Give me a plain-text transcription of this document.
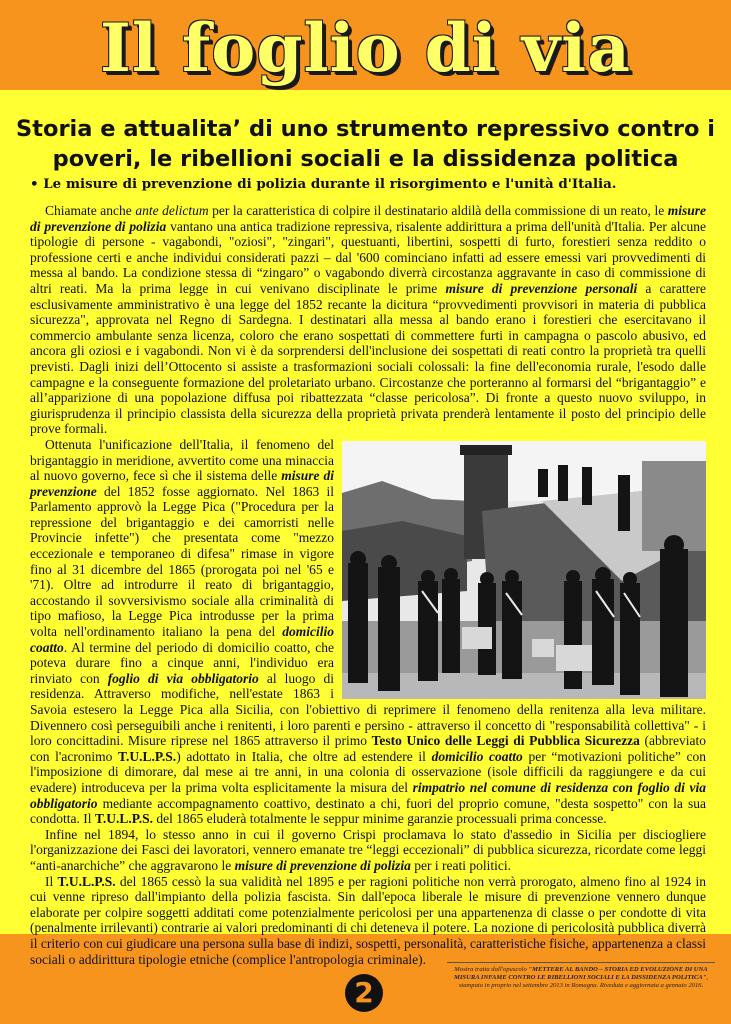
Il foglio di via
Storia e attualita’ di uno strumento repressivo contro i poveri, le ribellioni sociali e la dissidenza politica
• Le misure di prevenzione di polizia durante il risorgimento e l'unità d'Italia.

Chiamate anche ante delictum per la caratteristica di colpire il destinatario aldilà della commissione di un reato, le misure di prevenzione di polizia vantano una antica tradizione repressiva, risalente addirittura a prima dell'unità d'Italia. Per alcune tipologie di persone - vagabondi, "oziosi", "zingari", questuanti, libertini, sospetti di furto, forestieri senza reddito o professione certi e anche individui considerati pazzi – dal '600 cominciano infatti ad essere emessi vari provvedimenti di messa al bando. La condizione stessa di “zingaro” o vagabondo diverrà circostanza aggravante in caso di commissione di altri reati. Ma la prima legge in cui venivano disciplinate le prime misure di prevenzione personali a carattere esclusivamente amministrativo è una legge del 1852 recante la dicitura “provvedimenti provvisori in materia di pubblica sicurezza", approvata nel Regno di Sardegna. I destinatari alla messa al bando erano i forestieri che esercitavano il commercio ambulante senza licenza, coloro che erano sospettati di commettere furti in campagna o pascolo abusivo, ed ancora gli oziosi e i vagabondi. Non vi è da sorprendersi dell'inclusione dei sospettati di reati contro la proprietà tra quelli previsti. Dagli inizi dell’Ottocento si assiste a trasformazioni sociali colossali: la fine dell'economia rurale, l'esodo dalle campagne e la conseguente formazione del proletariato urbano. Circostanze che porteranno al formarsi del “brigantaggio” e all’apparizione di una popolazione diffusa poi ribattezzata “classe pericolosa”. Di fronte a questo nuovo sviluppo, in giurisprudenza il principio classista della sicurezza della proprietà privata prenderà lentamente il posto del principio delle prove formali.

Ottenuta l'unificazione dell'Italia, il fenomeno del brigantaggio in meridione, avvertito come una minaccia al nuovo governo, fece sì che il sistema delle misure di prevenzione del 1852 fosse aggiornato. Nel 1863 il Parlamento approvò la Legge Pica ("Procedura per la repressione del brigantaggio e dei camorristi nelle Provincie infette") che presentata come "mezzo eccezionale e temporaneo di difesa" rimase in vigore fino al 31 dicembre del 1865 (prorogata poi nel '65 e '71). Oltre ad introdurre il reato di brigantaggio, accostando il sovversivismo sociale alla criminalità di tipo mafioso, la Legge Pica introdusse per la prima volta nell'ordinamento italiano la pena del domicilio coatto. Al termine del periodo di domicilio coatto, che poteva durare fino a cinque anni, l'individuo era rinviato con foglio di via obbligatorio al luogo di residenza. Attraverso modifiche, nell'estate 1863 i Savoia estesero la Legge Pica alla Sicilia, con l'obiettivo di reprimere il fenomeno della renitenza alla leva militare. Divennero così perseguibili anche i renitenti, i loro parenti e persino - attraverso il concetto di "responsabilità collettiva" - i loro concittadini. Misure riprese nel 1865 attraverso il primo Testo Unico delle Leggi di Pubblica Sicurezza (abbreviato con l'acronimo T.U.L.P.S.) adottato in Italia, che oltre ad estendere il domicilio coatto per “motivazioni politiche” con l'imposizione di dimorare, dal mese ai tre anni, in una colonia di osservazione (isole difficili da raggiungere e da cui evadere) introduceva per la prima volta esplicitamente la misura del rimpatrio nel comune di residenza con foglio di via obbligatorio mediante accompagnamento coattivo, destinato a chi, fuori del proprio comune, "desta sospetto" con la sua condotta. Il T.U.L.P.S. del 1865 eluderà totalmente le seppur minime garanzie processuali prima concesse.

Infine nel 1894, lo stesso anno in cui il governo Crispi proclamava lo stato d'assedio in Sicilia per disciogliere l'organizzazione dei Fasci dei lavoratori, vennero emanate tre “leggi eccezionali” di pubblica sicurezza, ricordate come leggi “anti-anarchiche” che aggravarono le misure di prevenzione di polizia per i reati politici.

Il T.U.L.P.S. del 1865 cessò la sua validità nel 1895 e per ragioni politiche non verrà prorogato, almeno fino al 1924 in cui venne ripreso dall'impianto della polizia fascista. Sin dall'epoca liberale le misure di prevenzione vennero dunque elaborate per colpire soggetti additati come potenzialmente pericolosi per una appartenenza di classe o per condotte di vita (penalmente irrilevanti) contrarie ai valori predominanti di chi deteneva il potere. La nozione di pericolosità pubblica diverrà il criterio con cui giudicare una persona sulla base di indizi, sospetti, personalità, caratteristiche fisiche, appartenenza a classi sociali o addirittura tipologie etniche (complice l'antropologia criminale).

2
Mostra tratta dall'opuscolo "METTERE AL BANDO – STORIA ED EVOLUZIONE DI UNA MISURA INFAME CONTRO LE RIBELLIONI SOCIALI E LA DISSIDENZA POLITICA", stampato in proprio nel settembre 2013 in Romagna. Riveduta e aggiornata a gennaio 2016.
